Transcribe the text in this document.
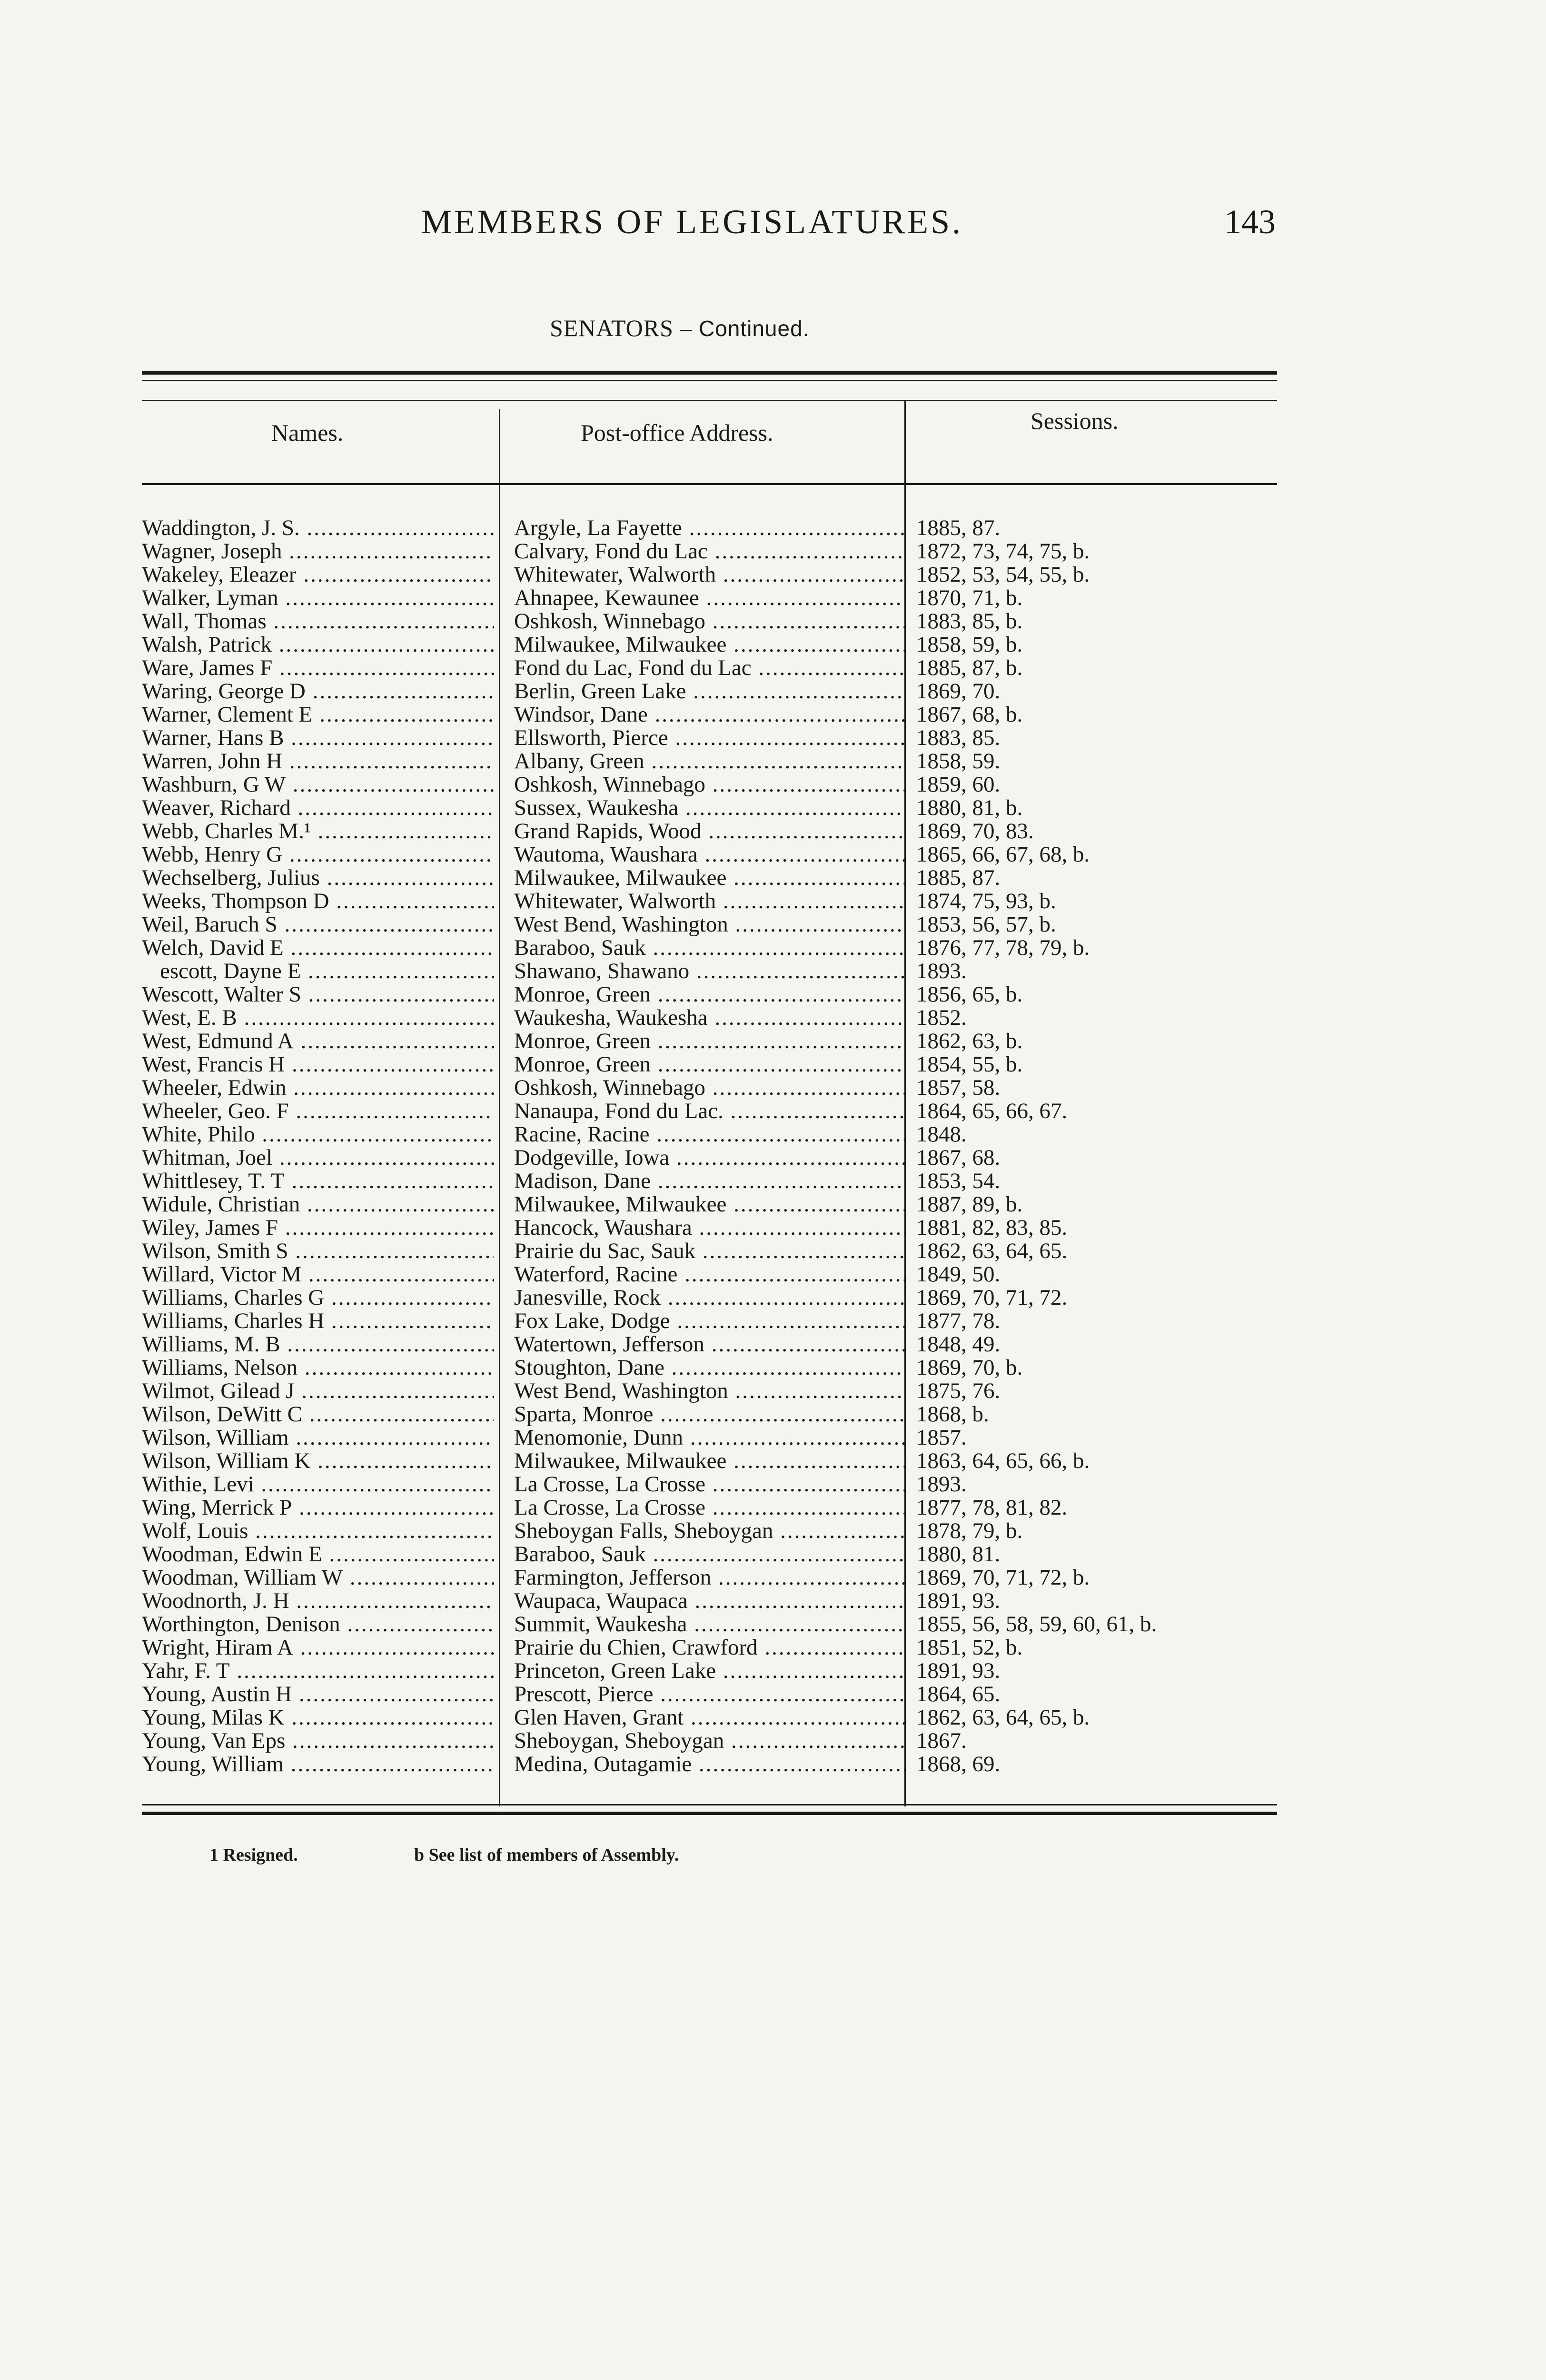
MEMBERS OF LEGISLATURES.	143
SENATORS – Continued.
Names.	Post-office Address.	Sessions.
Waddington, J. S. .....	Argyle, La Fayette .....	1885, 87.
Wagner, Joseph .....	Calvary, Fond du Lac .....	1872, 73, 74, 75, b.
Wakeley, Eleazer .....	Whitewater, Walworth .....	1852, 53, 54, 55, b.
Walker, Lyman .....	Ahnapee, Kewaunee .....	1870, 71, b.
Wall, Thomas .....	Oshkosh, Winnebago .....	1883, 85, b.
Walsh, Patrick .....	Milwaukee, Milwaukee .....	1858, 59, b.
Ware, James F .....	Fond du Lac, Fond du Lac .....	1885, 87, b.
Waring, George D .....	Berlin, Green Lake .....	1869, 70.
Warner, Clement E .....	Windsor, Dane .....	1867, 68, b.
Warner, Hans B .....	Ellsworth, Pierce .....	1883, 85.
Warren, John H .....	Albany, Green .....	1858, 59.
Washburn, G W .....	Oshkosh, Winnebago .....	1859, 60.
Weaver, Richard .....	Sussex, Waukesha .....	1880, 81, b.
Webb, Charles M.¹ .....	Grand Rapids, Wood .....	1869, 70, 83.
Webb, Henry G .....	Wautoma, Waushara .....	1865, 66, 67, 68, b.
Wechselberg, Julius .....	Milwaukee, Milwaukee .....	1885, 87.
Weeks, Thompson D .....	Whitewater, Walworth .....	1874, 75, 93, b.
Weil, Baruch S .....	West Bend, Washington .....	1853, 56, 57, b.
Welch, David E .....	Baraboo, Sauk .....	1876, 77, 78, 79, b.
escott, Dayne E .....	Shawano, Shawano .....	1893.
Wescott, Walter S .....	Monroe, Green .....	1856, 65, b.
West, E. B .....	Waukesha, Waukesha .....	1852.
West, Edmund A .....	Monroe, Green .....	1862, 63, b.
West, Francis H .....	Monroe, Green .....	1854, 55, b.
Wheeler, Edwin .....	Oshkosh, Winnebago .....	1857, 58.
Wheeler, Geo. F .....	Nanaupa, Fond du Lac. .....	1864, 65, 66, 67.
White, Philo .....	Racine, Racine .....	1848.
Whitman, Joel .....	Dodgeville, Iowa .....	1867, 68.
Whittlesey, T. T .....	Madison, Dane .....	1853, 54.
Widule, Christian .....	Milwaukee, Milwaukee .....	1887, 89, b.
Wiley, James F .....	Hancock, Waushara .....	1881, 82, 83, 85.
Wilson, Smith S .....	Prairie du Sac, Sauk .....	1862, 63, 64, 65.
Willard, Victor M .....	Waterford, Racine .....	1849, 50.
Williams, Charles G .....	Janesville, Rock .....	1869, 70, 71, 72.
Williams, Charles H .....	Fox Lake, Dodge .....	1877, 78.
Williams, M. B .....	Watertown, Jefferson .....	1848, 49.
Williams, Nelson .....	Stoughton, Dane .....	1869, 70, b.
Wilmot, Gilead J .....	West Bend, Washington .....	1875, 76.
Wilson, DeWitt C .....	Sparta, Monroe .....	1868, b.
Wilson, William .....	Menomonie, Dunn .....	1857.
Wilson, William K .....	Milwaukee, Milwaukee .....	1863, 64, 65, 66, b.
Withie, Levi .....	La Crosse, La Crosse .....	1893.
Wing, Merrick P .....	La Crosse, La Crosse .....	1877, 78, 81, 82.
Wolf, Louis .....	Sheboygan Falls, Sheboygan .....	1878, 79, b.
Woodman, Edwin E .....	Baraboo, Sauk .....	1880, 81.
Woodman, William W .....	Farmington, Jefferson .....	1869, 70, 71, 72, b.
Woodnorth, J. H .....	Waupaca, Waupaca .....	1891, 93.
Worthington, Denison .....	Summit, Waukesha .....	1855, 56, 58, 59, 60, 61, b.
Wright, Hiram A .....	Prairie du Chien, Crawford .....	1851, 52, b.
Yahr, F. T .....	Princeton, Green Lake .....	1891, 93.
Young, Austin H .....	Prescott, Pierce .....	1864, 65.
Young, Milas K .....	Glen Haven, Grant .....	1862, 63, 64, 65, b.
Young, Van Eps .....	Sheboygan, Sheboygan .....	1867.
Young, William .....	Medina, Outagamie .....	1868, 69.
1 Resigned.	b See list of members of Assembly.
